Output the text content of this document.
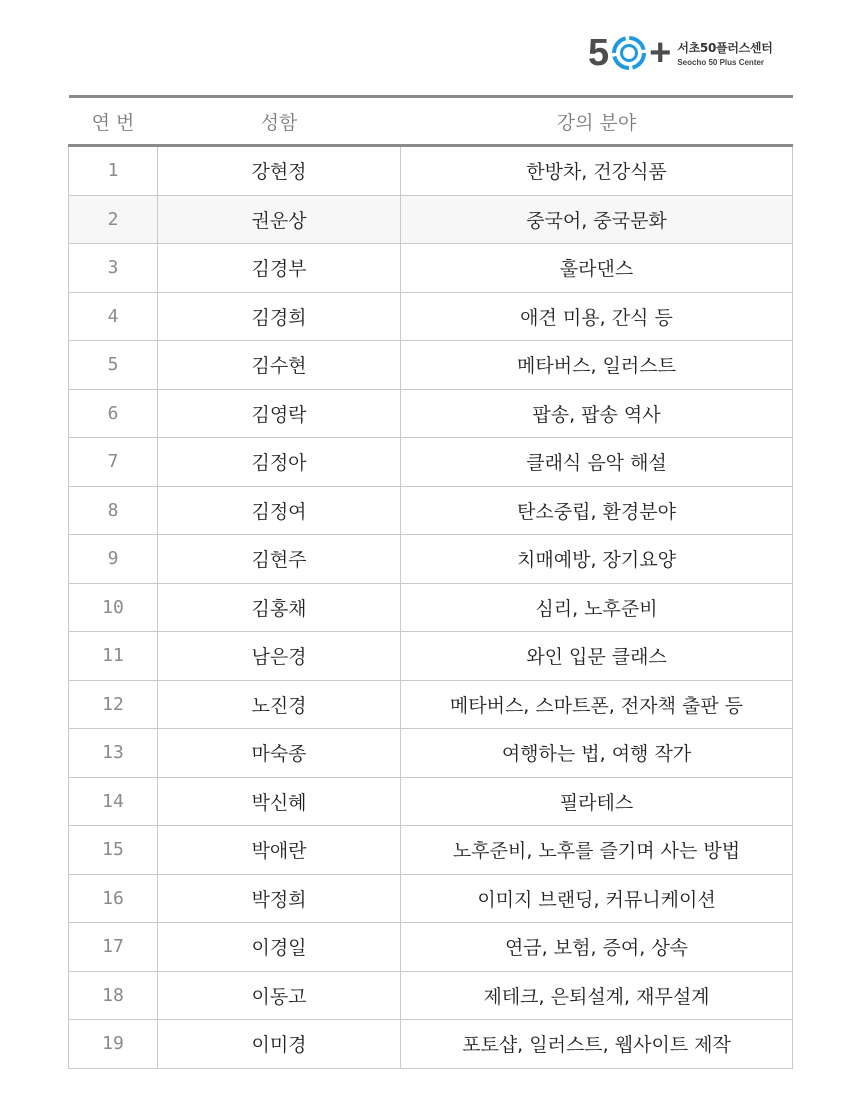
5 + 서초50플러스센터
Seocho 50 Plus Center
연 번	성함	강의 분야
1	강현정	한방차, 건강식품
2	권운상	중국어, 중국문화
3	김경부	훌라댄스
4	김경희	애견 미용, 간식 등
5	김수현	메타버스, 일러스트
6	김영락	팝송, 팝송 역사
7	김정아	클래식 음악 해설
8	김정여	탄소중립, 환경분야
9	김현주	치매예방, 장기요양
10	김홍채	심리, 노후준비
11	남은경	와인 입문 클래스
12	노진경	메타버스, 스마트폰, 전자책 출판 등
13	마숙종	여행하는 법, 여행 작가
14	박신혜	필라테스
15	박애란	노후준비, 노후를 즐기며 사는 방법
16	박정희	이미지 브랜딩, 커뮤니케이션
17	이경일	연금, 보험, 증여, 상속
18	이동고	제테크, 은퇴설계, 재무설계
19	이미경	포토샵, 일러스트, 웹사이트 제작
